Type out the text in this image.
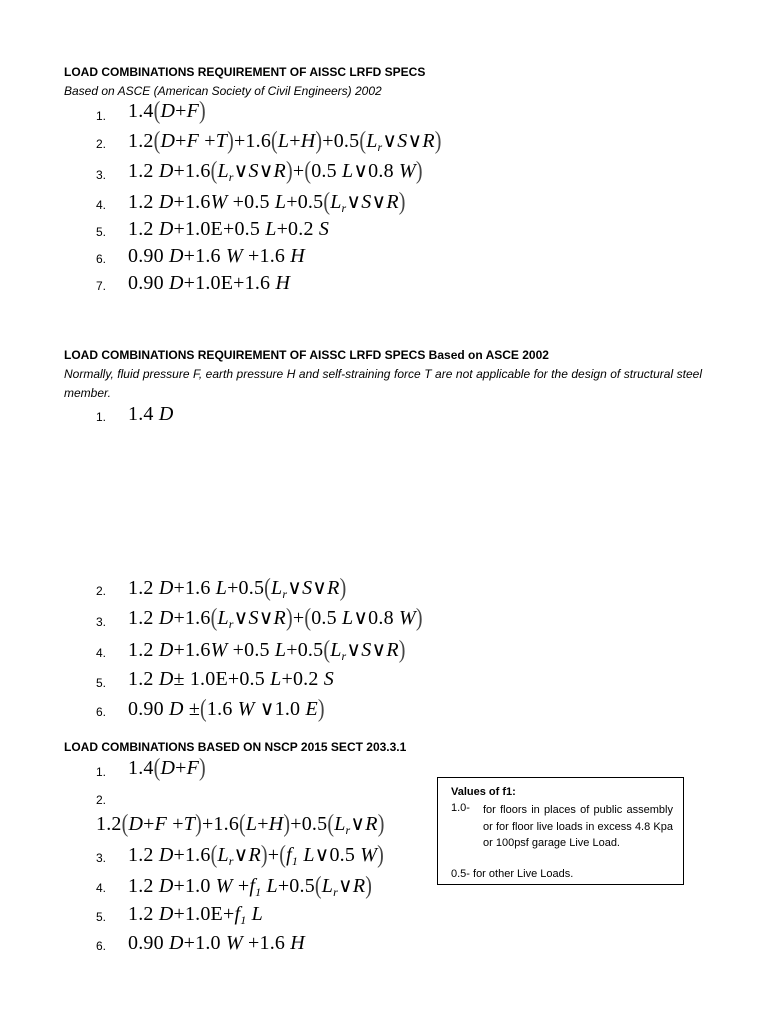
LOAD COMBINATIONS REQUIREMENT OF AISSC LRFD SPECS
Based on ASCE (American Society of Civil Engineers) 2002
1.	1.4(D+F)
2.	$1.2(D+F +T)+1.6(L+H)+0.5(L_r\vee S\vee R)$
3.	1.2 $D+1.6(L_r\vee S\vee R)+(0.5$ L∨0.8 W)
4.	1.2 D+1.6W +0.5 $L+0.5(L_r\vee S\vee R)$
5.	1.2 D+1.0E+0.5 L+0.2 S
6.	0.90 D+1.6 W +1.6 H
7.	0.90 D+1.0E+1.6 H
LOAD COMBINATIONS REQUIREMENT OF AISSC LRFD SPECS Based on ASCE 2002
Normally, fluid pressure F, earth pressure H and self-straining force T are not applicable for the design of structural steel member.
1.	1.4 D
2.	1.2 D+1.6 $L+0.5(L_r\vee S\vee R)$
3.	1.2 $D+1.6(L_r\vee S\vee R)+(0.5$ L∨0.8 W)
4.	1.2 D+1.6W +0.5 $L+0.5(L_r\vee S\vee R)$
5.	1.2 D± 1.0E+0.5 L+0.2 S
6.	0.90 D ±(1.6 W ∨1.0 E)
LOAD COMBINATIONS BASED ON NSCP 2015 SECT 203.3.1
1.	1.4(D+F)
2.
$1.2(D+F +T)+1.6(L+H)+0.5(L_r\vee R)$
3.	1.2 $D+1.6(L_r\vee R)+(f_1$ L∨0.5 W)
4.	1.2 D+1.0 $W +f_1$ $L+0.5(L_r\vee R)$
5.	1.2 $D+1.0E+f_1$ L
6.	0.90 D+1.0 W +1.6 H
Values of f1:
1.0- for floors in places of public assembly or for floor live loads in excess 4.8 Kpa or 100psf garage Live Load.
0.5- for other Live Loads.
